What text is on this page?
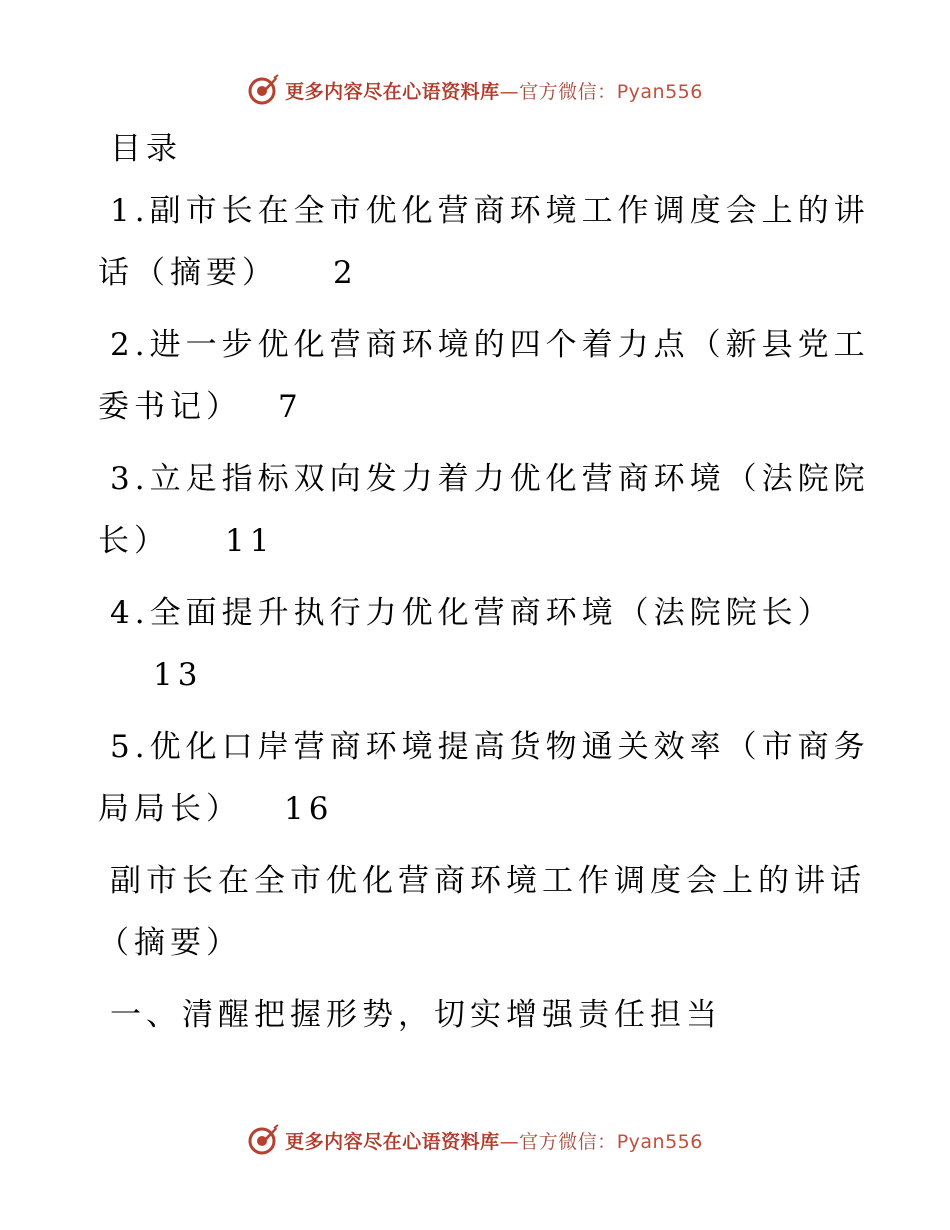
更多内容尽在心语资料库—官方微信：Pyan556
目录
1.副市长在全市优化营商环境工作调度会上的讲
话（摘要） 2
2.进一步优化营商环境的四个着力点（新县党工
委书记） 7
3.立足指标双向发力着力优化营商环境（法院院
长） 11
4.全面提升执行力优化营商环境（法院院长）
13
5.优化口岸营商环境提高货物通关效率（市商务
局局长） 16
副市长在全市优化营商环境工作调度会上的讲话
（摘要）
一、清醒把握形势，切实增强责任担当
更多内容尽在心语资料库—官方微信：Pyan556
